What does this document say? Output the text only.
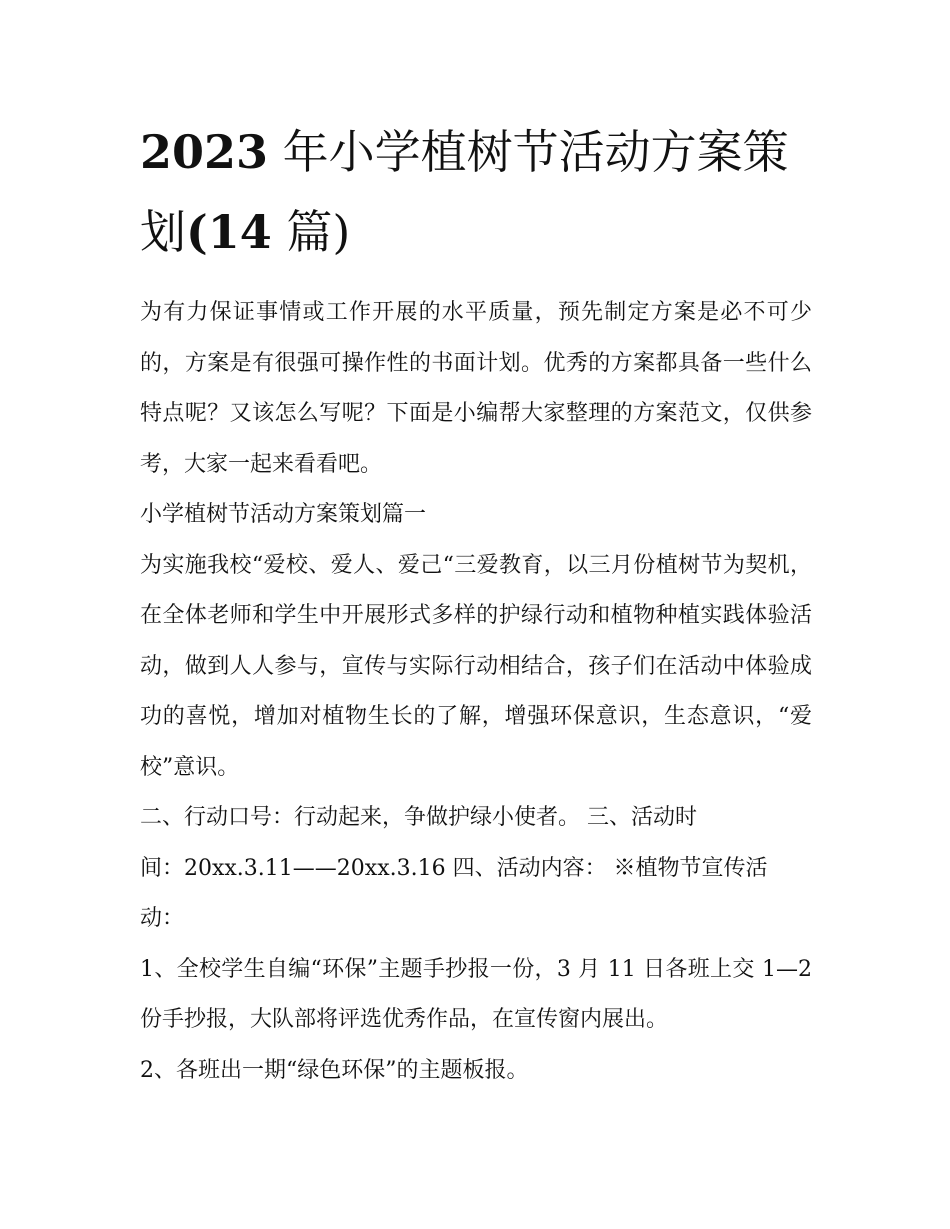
2023 年小学植树节活动方案策
划(14 篇)

为有力保证事情或工作开展的水平质量，预先制定方案是必不可少的，方案是有很强可操作性的书面计划。优秀的方案都具备一些什么特点呢？又该怎么写呢？下面是小编帮大家整理的方案范文，仅供参考，大家一起来看看吧。

小学植树节活动方案策划篇一

为实施我校“爱校、爱人、爱己“三爱教育，以三月份植树节为契机，在全体老师和学生中开展形式多样的护绿行动和植物种植实践体验活动，做到人人参与，宣传与实际行动相结合，孩子们在活动中体验成功的喜悦，增加对植物生长的了解，增强环保意识，生态意识，“爱校”意识。

二、行动口号：行动起来，争做护绿小使者。 三、活动时
间：20xx.3.11——20xx.3.16 四、活动内容： ※植物节宣传活
动：

1、全校学生自编“环保”主题手抄报一份，3 月 11 日各班上交 1—2 份手抄报，大队部将评选优秀作品，在宣传窗内展出。

2、各班出一期“绿色环保”的主题板报。
